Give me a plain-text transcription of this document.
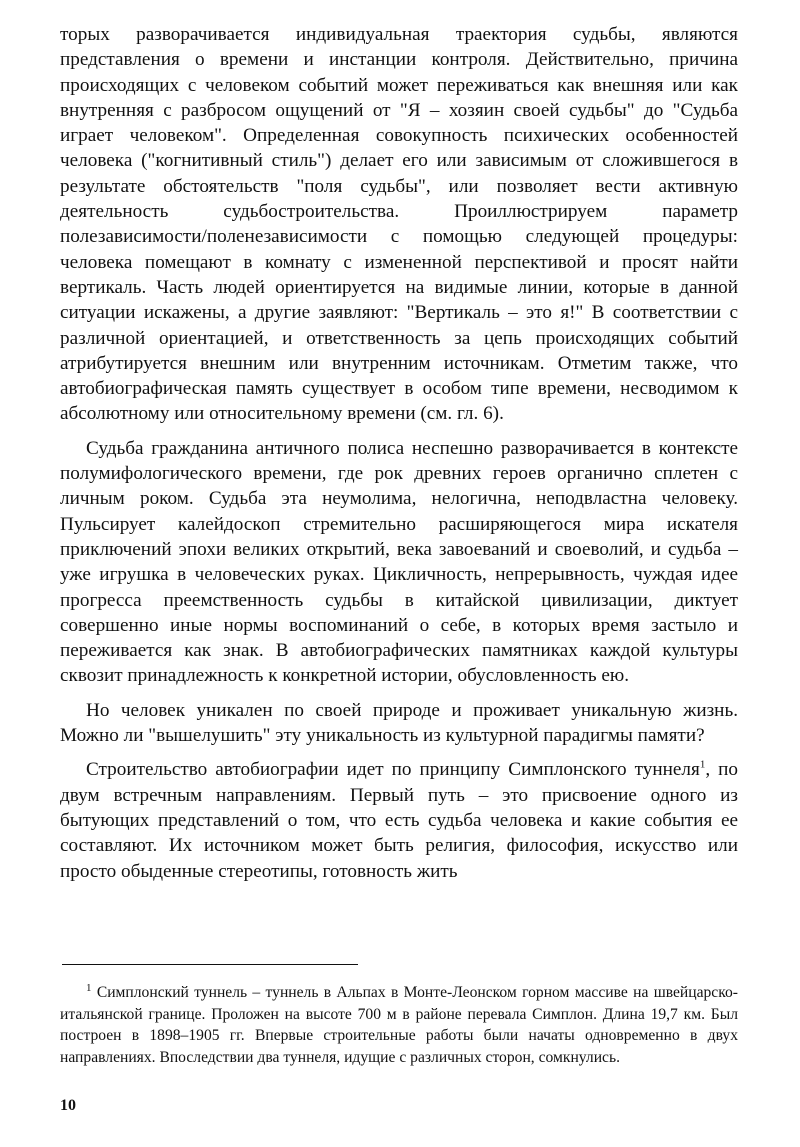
торых разворачивается индивидуальная траектория судьбы, являются представления о времени и инстанции контроля. Действительно, причина происходящих с человеком событий может переживаться как внешняя или как внутренняя с разбросом ощущений от "Я – хозяин своей судьбы" до "Судьба играет человеком". Определенная совокупность психических особенностей человека ("когнитивный стиль") делает его или зависимым от сложившегося в результате обстоятельств "поля судьбы", или позволяет вести активную деятельность судьбостроительства. Проиллюстрируем параметр полезависимости/поленезависимости с помощью следующей процедуры: человека помещают в комнату с измененной перспективой и просят найти вертикаль. Часть людей ориентируется на видимые линии, которые в данной ситуации искажены, а другие заявляют: "Вертикаль – это я!" В соответствии с различной ориентацией, и ответственность за цепь происходящих событий атрибутируется внешним или внутренним источникам. Отметим также, что автобиографическая память существует в особом типе времени, несводимом к абсолютному или относительному времени (см. гл. 6).

Судьба гражданина античного полиса неспешно разворачивается в контексте полумифологического времени, где рок древних героев органично сплетен с личным роком. Судьба эта неумолима, нелогична, неподвластна человеку. Пульсирует калейдоскоп стремительно расширяющегося мира искателя приключений эпохи великих открытий, века завоеваний и своеволий, и судьба – уже игрушка в человеческих руках. Цикличность, непрерывность, чуждая идее прогресса преемственность судьбы в китайской цивилизации, диктует совершенно иные нормы воспоминаний о себе, в которых время застыло и переживается как знак. В автобиографических памятниках каждой культуры сквозит принадлежность к конкретной истории, обусловленность ею.

Но человек уникален по своей природе и проживает уникальную жизнь. Можно ли "вышелушить" эту уникальность из культурной парадигмы памяти?

Строительство автобиографии идет по принципу Симплонского туннеля$^1$, по двум встречным направлениям. Первый путь – это присвоение одного из бытующих представлений о том, что есть судьба человека и какие события ее составляют. Их источником может быть религия, философия, искусство или просто обыденные стереотипы, готовность жить

$^1$ Симплонский туннель – туннель в Альпах в Монте-Леонском горном массиве на швейцарско-итальянской границе. Проложен на высоте 700 м в районе перевала Симплон. Длина 19,7 км. Был построен в 1898–1905 гг. Впервые строительные работы были начаты одновременно в двух направлениях. Впоследствии два туннеля, идущие с различных сторон, сомкнулись.
10
